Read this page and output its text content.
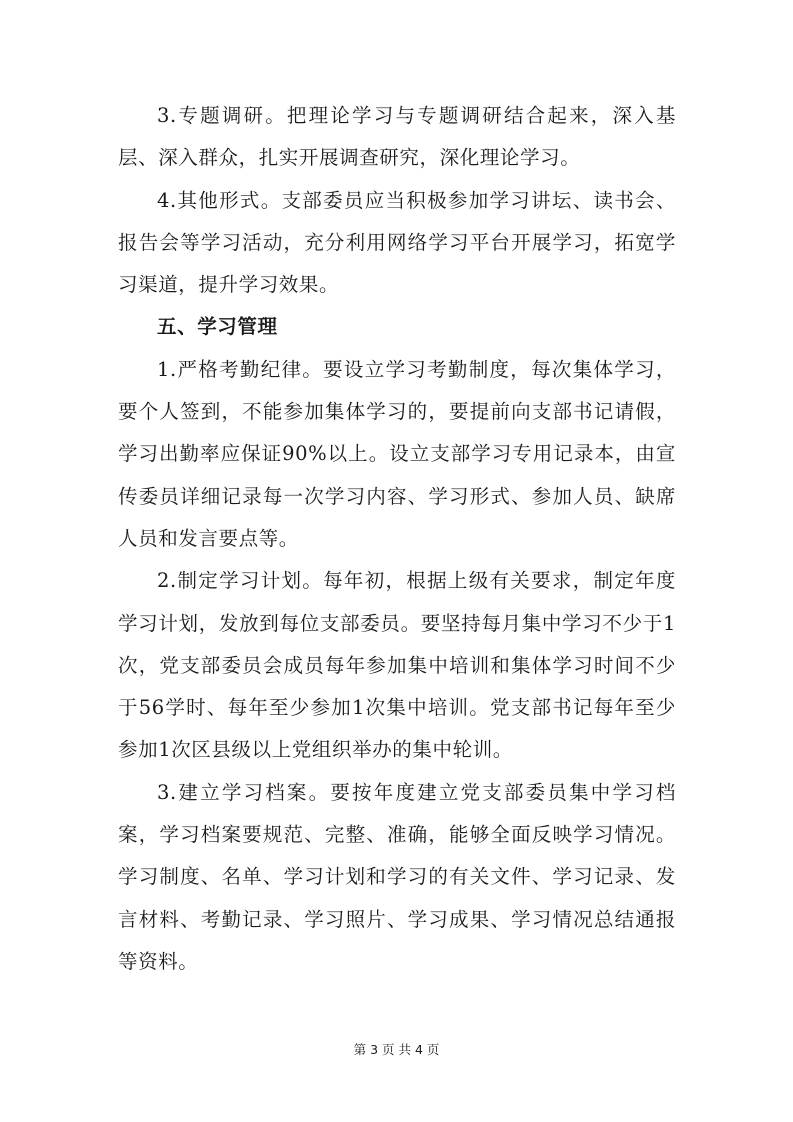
3.专题调研。把理论学习与专题调研结合起来，深入基层、深入群众，扎实开展调查研究，深化理论学习。

4.其他形式。支部委员应当积极参加学习讲坛、读书会、报告会等学习活动，充分利用网络学习平台开展学习，拓宽学习渠道，提升学习效果。

五、学习管理

1.严格考勤纪律。要设立学习考勤制度，每次集体学习，要个人签到，不能参加集体学习的，要提前向支部书记请假，学习出勤率应保证90%以上。设立支部学习专用记录本，由宣传委员详细记录每一次学习内容、学习形式、参加人员、缺席人员和发言要点等。

2.制定学习计划。每年初，根据上级有关要求，制定年度学习计划，发放到每位支部委员。要坚持每月集中学习不少于1次，党支部委员会成员每年参加集中培训和集体学习时间不少于56学时、每年至少参加1次集中培训。党支部书记每年至少参加1次区县级以上党组织举办的集中轮训。

3.建立学习档案。要按年度建立党支部委员集中学习档案，学习档案要规范、完整、准确，能够全面反映学习情况。学习制度、名单、学习计划和学习的有关文件、学习记录、发言材料、考勤记录、学习照片、学习成果、学习情况总结通报等资料。

第 3 页 共 4 页
